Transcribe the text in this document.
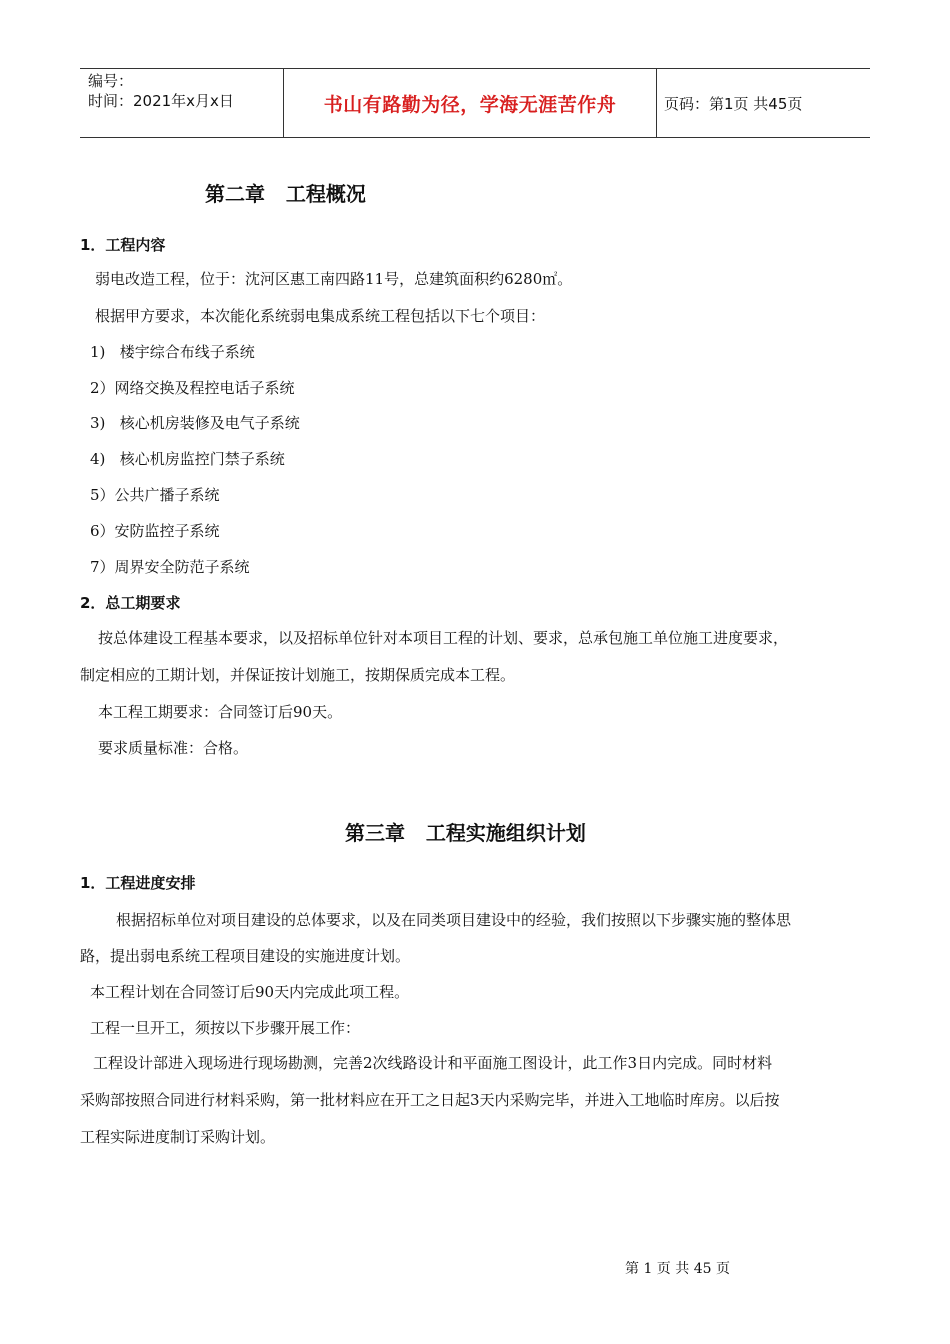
编号：
时间：2021年x月x日	书山有路勤为径，学海无涯苦作舟	页码：第1页 共45页
第二章   工程概况
1．工程内容
弱电改造工程，位于：沈河区惠工南四路11号，总建筑面积约6280㎡。
根据甲方要求，本次能化系统弱电集成系统工程包括以下七个项目：
1)   楼宇综合布线子系统
2）网络交换及程控电话子系统
3)   核心机房装修及电气子系统
4)   核心机房监控门禁子系统
5）公共广播子系统
6）安防监控子系统
7）周界安全防范子系统
2．总工期要求
按总体建设工程基本要求，以及招标单位针对本项目工程的计划、要求，总承包施工单位施工进度要求，
制定相应的工期计划，并保证按计划施工，按期保质完成本工程。
本工程工期要求：合同签订后90天。
要求质量标准：合格。
第三章   工程实施组织计划
1．工程进度安排
根据招标单位对项目建设的总体要求，以及在同类项目建设中的经验，我们按照以下步骤实施的整体思
路，提出弱电系统工程项目建设的实施进度计划。
本工程计划在合同签订后90天内完成此项工程。
工程一旦开工，须按以下步骤开展工作：
工程设计部进入现场进行现场勘测，完善2次线路设计和平面施工图设计，此工作3日内完成。同时材料
采购部按照合同进行材料采购，第一批材料应在开工之日起3天内采购完毕，并进入工地临时库房。以后按
工程实际进度制订采购计划。
第 1 页 共 45 页
